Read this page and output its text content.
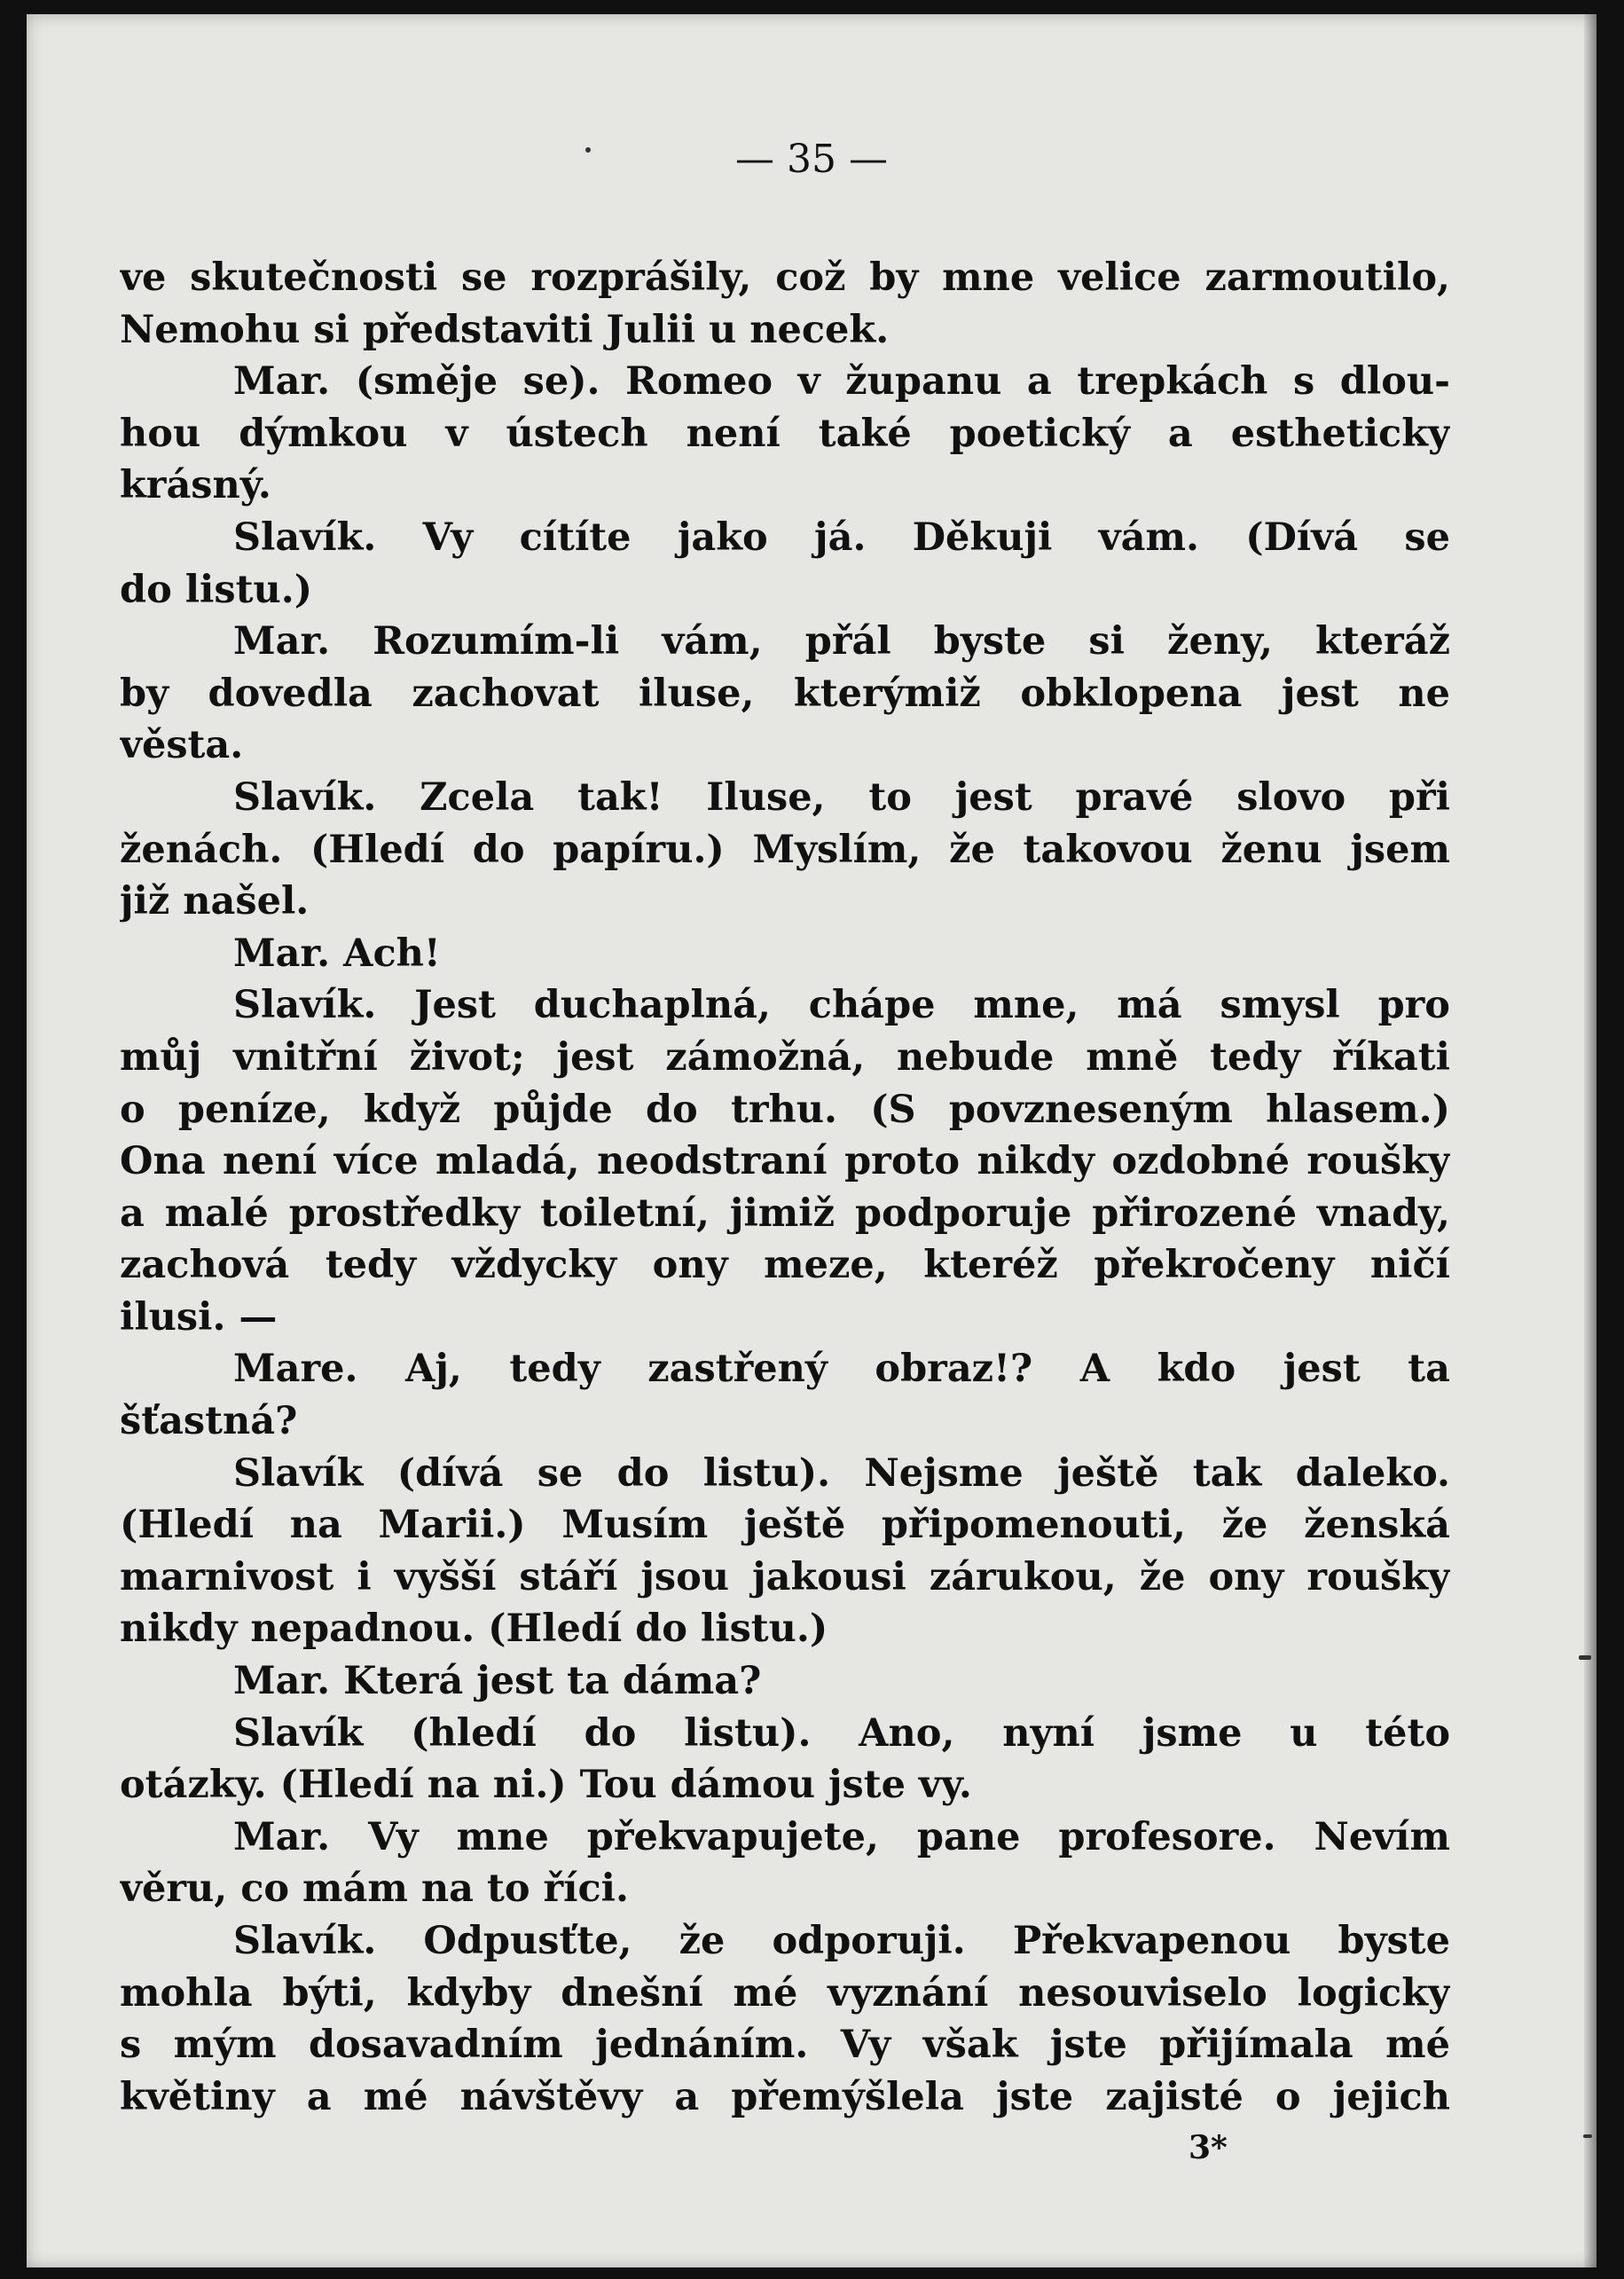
— 35 —
ve skutečnosti se rozprášily, což by mne velice zarmoutilo,
Nemohu si představiti Julii u necek.
Mar. (směje se). Romeo v županu a trepkách s dlou-
hou dýmkou v ústech není také poetický a estheticky
krásný.
Slavík. Vy cítíte jako já. Děkuji vám. (Dívá se
do listu.)
Mar. Rozumím-li vám, přál byste si ženy, kteráž
by dovedla zachovat iluse, kterýmiž obklopena jest ne
věsta.
Slavík. Zcela tak! Iluse, to jest pravé slovo při
ženách. (Hledí do papíru.) Myslím, že takovou ženu jsem
již našel.
Mar. Ach!
Slavík. Jest duchaplná, chápe mne, má smysl pro
můj vnitřní život; jest zámožná, nebude mně tedy říkati
o peníze, když půjde do trhu. (S povzneseným hlasem.)
Ona není více mladá, neodstraní proto nikdy ozdobné roušky
a malé prostředky toiletní, jimiž podporuje přirozené vnady,
zachová tedy vždycky ony meze, kteréž překročeny ničí
ilusi. —
Mare. Aj, tedy zastřený obraz!? A kdo jest ta
šťastná?
Slavík (dívá se do listu). Nejsme ještě tak daleko.
(Hledí na Marii.) Musím ještě připomenouti, že ženská
marnivost i vyšší stáří jsou jakousi zárukou, že ony roušky
nikdy nepadnou. (Hledí do listu.)
Mar. Která jest ta dáma?
Slavík (hledí do listu). Ano, nyní jsme u této
otázky. (Hledí na ni.) Tou dámou jste vy.
Mar. Vy mne překvapujete, pane profesore. Nevím
věru, co mám na to říci.
Slavík. Odpusťte, že odporuji. Překvapenou byste
mohla býti, kdyby dnešní mé vyznání nesouviselo logicky
s mým dosavadním jednáním. Vy však jste přijímala mé
květiny a mé návštěvy a přemýšlela jste zajisté o jejich
3*
